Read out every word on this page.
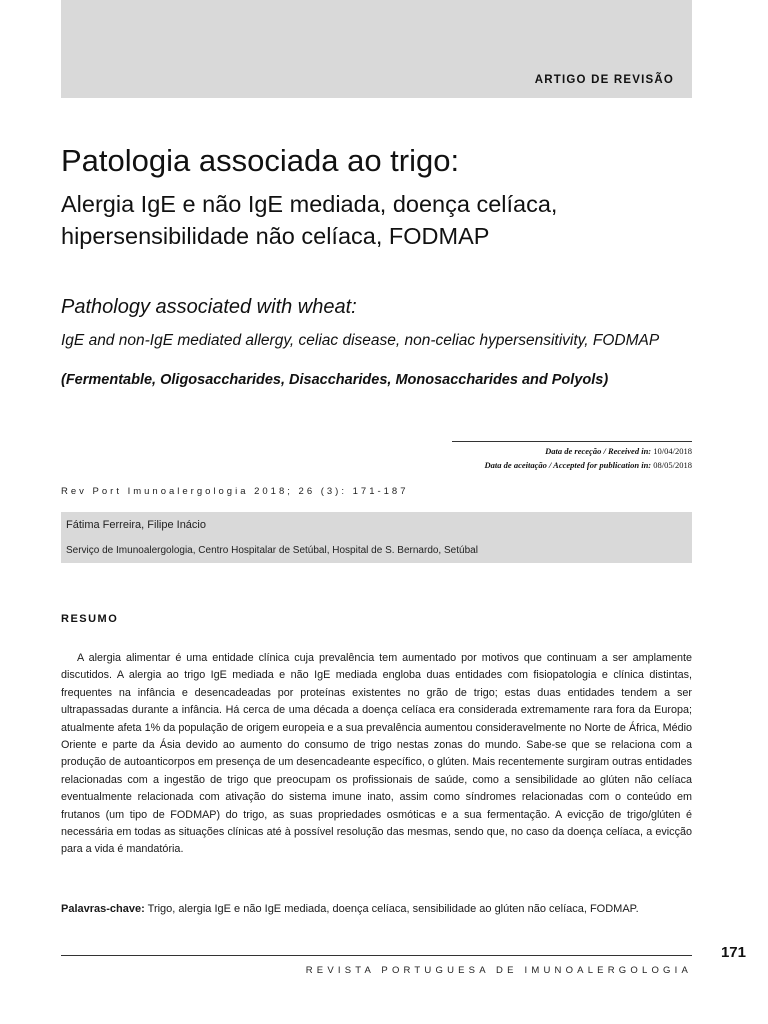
ARTIGO DE REVISÃO
Patologia associada ao trigo:
Alergia IgE e não IgE mediada, doença celíaca,
hipersensibilidade não celíaca, FODMAP
Pathology associated with wheat:
IgE and non-IgE mediated allergy, celiac disease, non-celiac hypersensitivity, FODMAP
(Fermentable, Oligosaccharides, Disaccharides, Monosaccharides and Polyols)
Data de receção / Received in: 10/04/2018
Data de aceitação / Accepted for publication in: 08/05/2018
Rev Port Imunoalergologia 2018; 26 (3): 171-187
Fátima Ferreira, Filipe Inácio
Serviço de Imunoalergologia, Centro Hospitalar de Setúbal, Hospital de S. Bernardo, Setúbal
RESUMO

A alergia alimentar é uma entidade clínica cuja prevalência tem aumentado por motivos que continuam a ser amplamente discutidos. A alergia ao trigo IgE mediada e não IgE mediada engloba duas entidades com fisiopatologia e clínica distintas, frequentes na infância e desencadeadas por proteínas existentes no grão de trigo; estas duas entidades tendem a ser ultrapassadas durante a infância. Há cerca de uma década a doença celíaca era considerada extremamente rara fora da Europa; atualmente afeta 1% da população de origem europeia e a sua prevalência aumentou consideravelmente no Norte de África, Médio Oriente e parte da Ásia devido ao aumento do consumo de trigo nestas zonas do mundo. Sabe-se que se relaciona com a produção de autoanticorpos em presença de um desencadeante específico, o glúten. Mais recentemente surgiram outras entidades relacionadas com a ingestão de trigo que preocupam os profissionais de saúde, como a sensibilidade ao glúten não celíaca eventualmente relacionada com ativação do sistema imune inato, assim como síndromes relacionadas com o conteúdo em frutanos (um tipo de FODMAP) do trigo, as suas propriedades osmóticas e a sua fermentação. A evicção de trigo/glúten é necessária em todas as situações clínicas até à possível resolução das mesmas, sendo que, no caso da doença celíaca, a evicção para a vida é mandatória.

Palavras-chave: Trigo, alergia IgE e não IgE mediada, doença celíaca, sensibilidade ao glúten não celíaca, FODMAP.
171
REVISTA PORTUGUESA DE IMUNOALERGOLOGIA
